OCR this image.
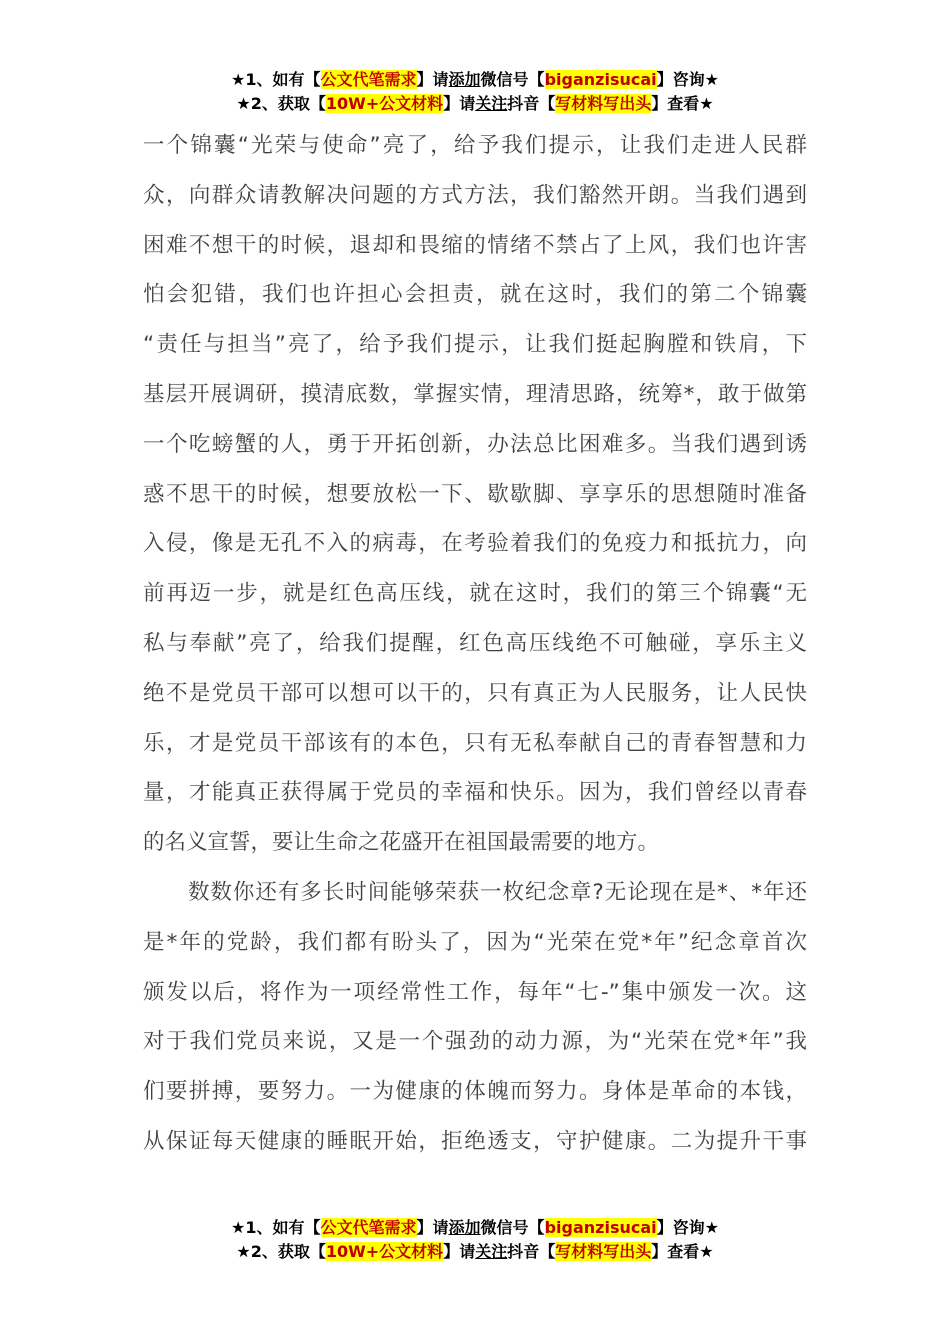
★1、如有【公文代笔需求】请添加微信号【biganzisucai】咨询★
★2、获取【10W+公文材料】请关注抖音【写材料写出头】查看★
一个锦囊“光荣与使命”亮了，给予我们提示，让我们走进人民群
众，向群众请教解决问题的方式方法，我们豁然开朗。当我们遇到
困难不想干的时候，退却和畏缩的情绪不禁占了上风，我们也许害
怕会犯错，我们也许担心会担责，就在这时，我们的第二个锦囊
“责任与担当”亮了，给予我们提示，让我们挺起胸膛和铁肩，下
基层开展调研，摸清底数，掌握实情，理清思路，统筹*，敢于做第
一个吃螃蟹的人，勇于开拓创新，办法总比困难多。当我们遇到诱
惑不思干的时候，想要放松一下、歇歇脚、享享乐的思想随时准备
入侵，像是无孔不入的病毒，在考验着我们的免疫力和抵抗力，向
前再迈一步，就是红色高压线，就在这时，我们的第三个锦囊“无
私与奉献”亮了，给我们提醒，红色高压线绝不可触碰，享乐主义
绝不是党员干部可以想可以干的，只有真正为人民服务，让人民快
乐，才是党员干部该有的本色，只有无私奉献自己的青春智慧和力
量，才能真正获得属于党员的幸福和快乐。因为，我们曾经以青春
的名义宣誓，要让生命之花盛开在祖国最需要的地方。
　　数数你还有多长时间能够荣获一枚纪念章?无论现在是*、*年还
是*年的党龄，我们都有盼头了，因为“光荣在党*年”纪念章首次
颁发以后，将作为一项经常性工作，每年“七-”集中颁发一次。这
对于我们党员来说，又是一个强劲的动力源，为“光荣在党*年”我
们要拼搏，要努力。一为健康的体魄而努力。身体是革命的本钱，
从保证每天健康的睡眠开始，拒绝透支，守护健康。二为提升干事
★1、如有【公文代笔需求】请添加微信号【biganzisucai】咨询★
★2、获取【10W+公文材料】请关注抖音【写材料写出头】查看★
